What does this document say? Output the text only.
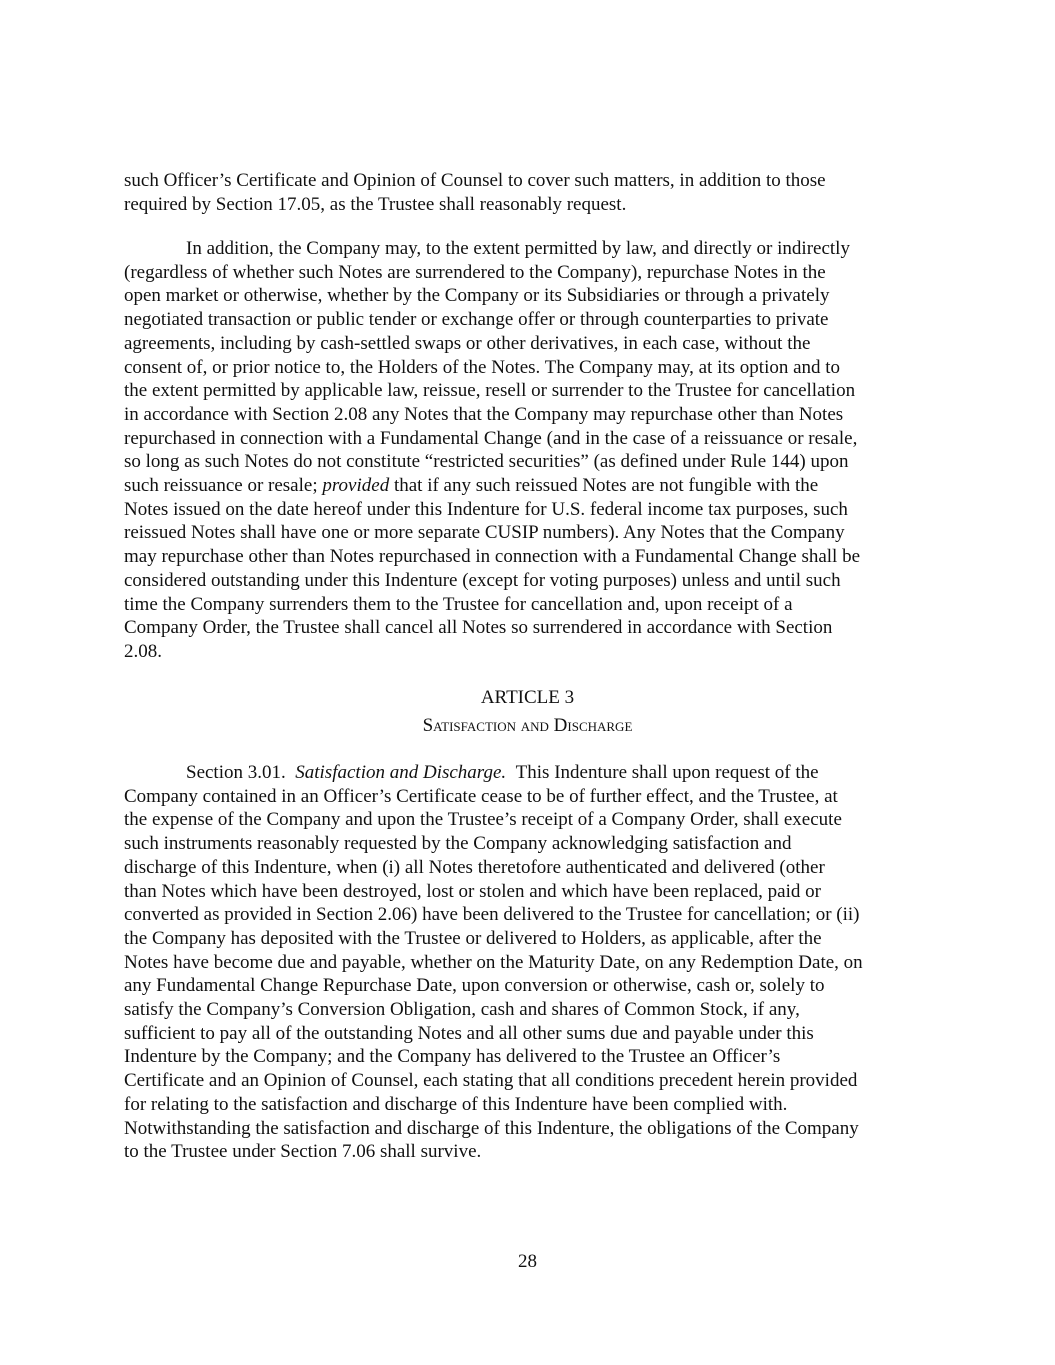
such Officer’s Certificate and Opinion of Counsel to cover such matters, in addition to those
required by Section 17.05, as the Trustee shall reasonably request.
In addition, the Company may, to the extent permitted by law, and directly or indirectly
(regardless of whether such Notes are surrendered to the Company), repurchase Notes in the
open market or otherwise, whether by the Company or its Subsidiaries or through a privately
negotiated transaction or public tender or exchange offer or through counterparties to private
agreements, including by cash-settled swaps or other derivatives, in each case, without the
consent of, or prior notice to, the Holders of the Notes. The Company may, at its option and to
the extent permitted by applicable law, reissue, resell or surrender to the Trustee for cancellation
in accordance with Section 2.08 any Notes that the Company may repurchase other than Notes
repurchased in connection with a Fundamental Change (and in the case of a reissuance or resale,
so long as such Notes do not constitute “restricted securities” (as defined under Rule 144) upon
such reissuance or resale; provided that if any such reissued Notes are not fungible with the
Notes issued on the date hereof under this Indenture for U.S. federal income tax purposes, such
reissued Notes shall have one or more separate CUSIP numbers). Any Notes that the Company
may repurchase other than Notes repurchased in connection with a Fundamental Change shall be
considered outstanding under this Indenture (except for voting purposes) unless and until such
time the Company surrenders them to the Trustee for cancellation and, upon receipt of a
Company Order, the Trustee shall cancel all Notes so surrendered in accordance with Section
2.08.

ARTICLE 3

Satisfaction and Discharge

Section 3.01. Satisfaction and Discharge. This Indenture shall upon request of the
Company contained in an Officer’s Certificate cease to be of further effect, and the Trustee, at
the expense of the Company and upon the Trustee’s receipt of a Company Order, shall execute
such instruments reasonably requested by the Company acknowledging satisfaction and
discharge of this Indenture, when (i) all Notes theretofore authenticated and delivered (other
than Notes which have been destroyed, lost or stolen and which have been replaced, paid or
converted as provided in Section 2.06) have been delivered to the Trustee for cancellation; or (ii)
the Company has deposited with the Trustee or delivered to Holders, as applicable, after the
Notes have become due and payable, whether on the Maturity Date, on any Redemption Date, on
any Fundamental Change Repurchase Date, upon conversion or otherwise, cash or, solely to
satisfy the Company’s Conversion Obligation, cash and shares of Common Stock, if any,
sufficient to pay all of the outstanding Notes and all other sums due and payable under this
Indenture by the Company; and the Company has delivered to the Trustee an Officer’s
Certificate and an Opinion of Counsel, each stating that all conditions precedent herein provided
for relating to the satisfaction and discharge of this Indenture have been complied with.
Notwithstanding the satisfaction and discharge of this Indenture, the obligations of the Company
to the Trustee under Section 7.06 shall survive.

28
